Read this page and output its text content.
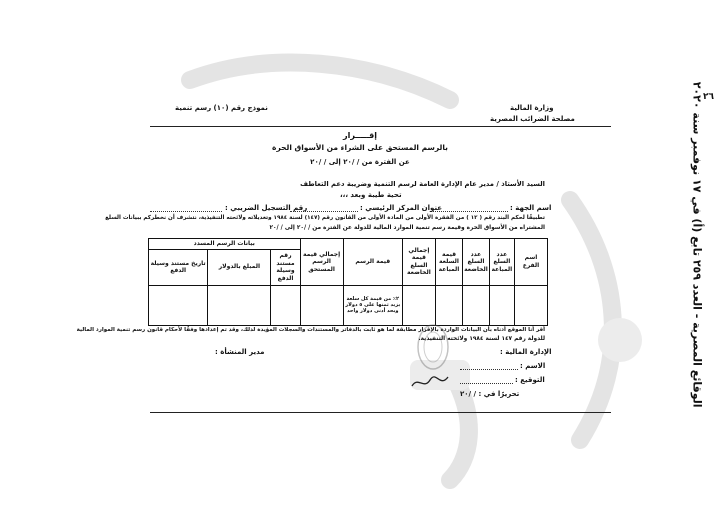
الوقائع المصرية - العدد ٢٥٩ تابع (أ) في ١٧ نوفمبر سنة ٢٠٢٠
٢٦
وزارة المالية
مصلحة الضرائب المصرية
نموذج رقم (١٠) رسم تنمية
إقـــــرار
بالرسم المستحق على الشراء من الأسواق الحرة
عن الفترة من / /٢٠ إلى / /٢٠
السيد الأستاذ / مدير عام الإدارة العامة لرسم التنمية وضريبة دعم التعاطف
تحية طيبة وبعد ،،،
اسم الجهة :
عنوان المركز الرئيسي :
رقم التسجيل الضريبي :
تطبيقًا لحكم البند رقم ( ١٢ ) من الفقرة الأولى من المادة الأولى من القانون رقم (١٤٧) لسنة ١٩٨٤ وتعديلاته ولائحته التنفيذية، نتشرف أن نخطركم ببيانات السلع
المشتراه من الأسواق الحرة وقيمة رسم تنمية الموارد المالية للدولة عن الفترة من / /٢٠ إلى / /٢٠
اسم الفرع	عدد السلع المباعة	عدد السلع الخاضعة	قيمة السلعة المباعة	إجمالي قيمة السلع الخاضعة	قيمة الرسم	إجمالي قيمة الرسم المستحق	بيانات الرسم المسدد		
							رقم مستند وسيلة الدفع	المبلغ بالدولار	تاريخ مستند وسيلة الدفع
					٢٪ من قيمة كل سلعة يزيد ثمنها على ٥ دولار وبحد أدنى دولار واحد				
أقر أنا الموقع أدناه بأن البيانات الواردة بالإقرار مطابقة لما هو ثابت بالدفاتر والمستندات والسجلات المؤيدة لذلك، وقد تم إعدادها وفقًا لأحكام قانون رسم تنمية الموارد المالية
للدولة رقم ١٤٧ لسنة ١٩٨٤ ولائحته التنفيذية.
الإدارة المالية :
مدير المنشأة :
الاسم :
التوقيع :
تحريرًا في : / /٢٠
